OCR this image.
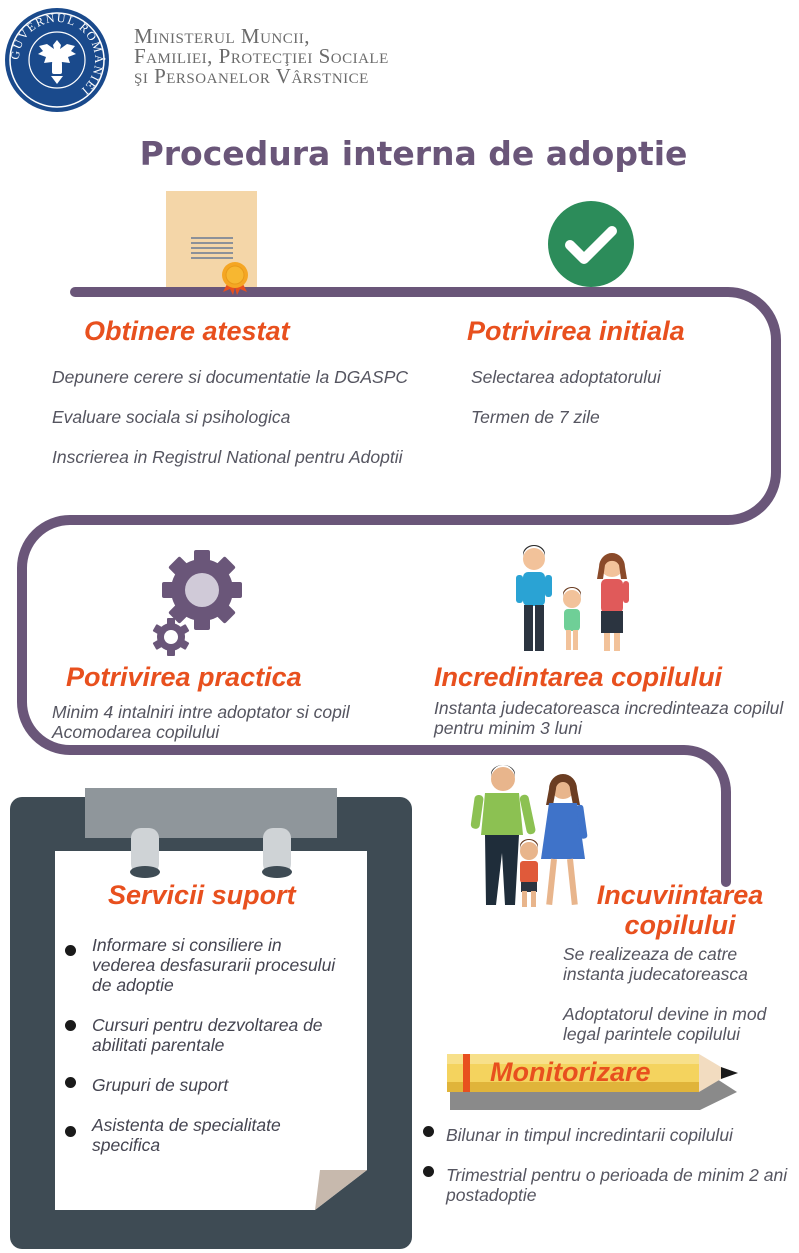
GUVERNUL ROMÂNIEI
Ministerul Muncii,
Familiei, Protecţiei Sociale
şi Persoanelor Vârstnice
Procedura interna de adoptie
Obtinere atestat

Depunere cerere si documentatie la DGASPC

Evaluare sociala si psihologica

Inscrierea in Registrul National pentru Adoptii

Potrivirea initiala

Selectarea adoptatorului

Termen de 7 zile

Potrivirea practica
Minim 4 intalniri intre adoptator si copil
Acomodarea copilului
Incredintarea copilului
Instanta judecatoreasca incredinteaza copilul pentru minim 3 luni
Servicii suport
Informare si consiliere in vederea desfasurarii procesului de adoptie
Cursuri pentru dezvoltarea de abilitati parentale
Grupuri de suport
Asistenta de specialitate specifica
Incuviintarea
copilului

Se realizeaza de catre instanta judecatoreasca

Adoptatorul devine in mod legal parintele copilului

Monitorizare
Bilunar in timpul incredintarii copilului
Trimestrial pentru o perioada de minim 2 ani postadoptie
